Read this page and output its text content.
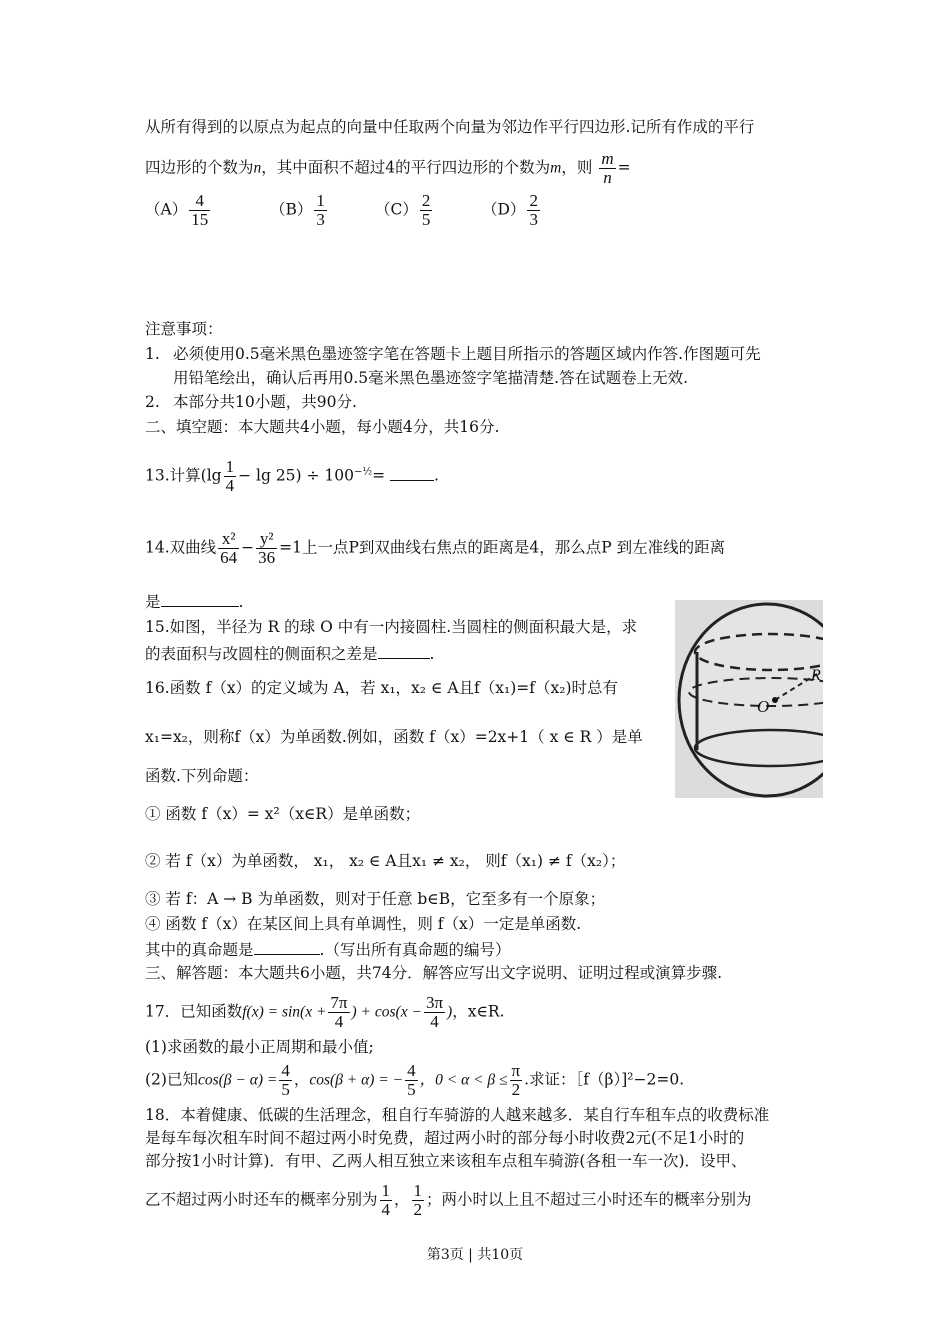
从所有得到的以原点为起点的向量中任取两个向量为邻边作平行四边形.记所有作成的平行
四边形的个数为n，其中面积不超过4的平行四边形的个数为m，则 $\frac{m}{n}$ =
$(A) \frac{4}{15}$	$(B) \frac{1}{3}$	$(C) \frac{2}{5}$	$(D) \frac{2}{3}$
注意事项：
1. 必须使用0.5毫米黑色墨迹签字笔在答题卡上题目所指示的答题区域内作答.作图题可先
用铅笔绘出，确认后再用0.5毫米黑色墨迹签字笔描清楚.答在试题卷上无效.
2. 本部分共10小题，共90分.
二、填空题：本大题共4小题，每小题4分，共16分.
13.计算$(\lg \frac{1}{4} - \lg 25) \div 100^{-\frac{1}{2}}=$	.
14.双曲线 $\frac{\text{x²}}{64} - \frac{\text{y²}}{36} =1$上一点P到双曲线右焦点的距离是4，那么点P 到左准线的距离
是	.
15.如图，半径为 R 的球 O 中有一内接圆柱.当圆柱的侧面积最大是，求
的表面积与改圆柱的侧面积之差是	.
O
R
16.函数 f（x）的定义域为 A，若 x₁，x₂ ∈ A且f（x₁)=f（x₂)时总有
x₁=x₂，则称f（x）为单函数.例如，函数 f（x）=2x+1（ x ∈ R ）是单
函数.下列命题：
① 函数 f（x）= x²（x∈R）是单函数；
② 若 f（x）为单函数， x₁， x₂ ∈ A且x₁ ≠ x₂， 则f（x₁) ≠ f（x₂）；
③ 若 f：A → B 为单函数，则对于任意 b∈B，它至多有一个原象；
④ 函数 f（x）在某区间上具有单调性，则 f（x）一定是单函数.
其中的真命题是	.（写出所有真命题的编号）
三、解答题：本大题共6小题，共74分．解答应写出文字说明、证明过程或演算步骤.
17．已知函数$f(x) = \sin(x + \frac{7\pi}{4}$ ) + $\cos(x - \frac{3\pi}{4}$ )，x∈R.
(1)求函数的最小正周期和最小值;
(2)已知$\cos(\beta - \alpha) = \frac{4}{5}$ ，cos(β + α) = − $\frac{4}{5}$ ，$0 < \alpha < \beta \le \frac{\pi}{2}$ .求证：［f（β）]²−2=0.
18．本着健康、低碳的生活理念，租自行车骑游的人越来越多．某自行车租车点的收费标准
是每车每次租车时间不超过两小时免费，超过两小时的部分每小时收费2元(不足1小时的
部分按1小时计算)．有甲、乙两人相互独立来该租车点租车骑游(各租一车一次)．设甲、
乙不超过两小时还车的概率分别为 $\frac{1}{4}$ ， $\frac{1}{2}$ ；两小时以上且不超过三小时还车的概率分别为
第3页 | 共10页
